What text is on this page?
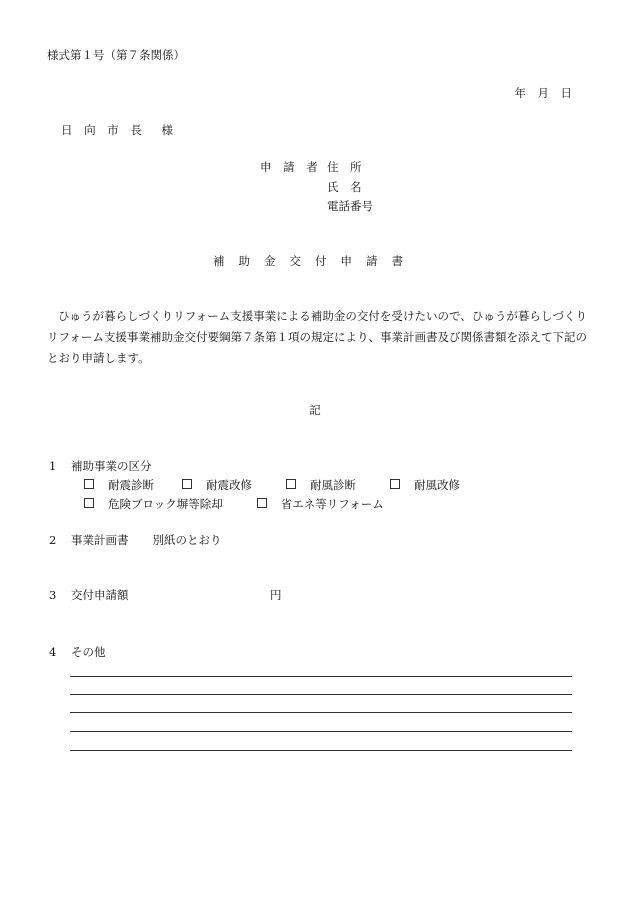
様式第１号（第７条関係）
年　月　日
日 向 市 長　様
申 請 者 住　所
氏　名
電話番号
補助金交付申請書
ひゅうが暮らしづくりリフォーム支援事業による補助金の交付を受けたいので、ひゅうが暮らしづくりリフォーム支援事業補助金交付要綱第７条第１項の規定により、事業計画書及び関係書類を添えて下記のとおり申請します。
記
1 補助事業の区分
耐震診断	耐震改修	耐風診断	耐風改修
危険ブロック塀等除却	省エネ等リフォーム
2 事業計画書 別紙のとおり
3 交付申請額	円
4 その他
